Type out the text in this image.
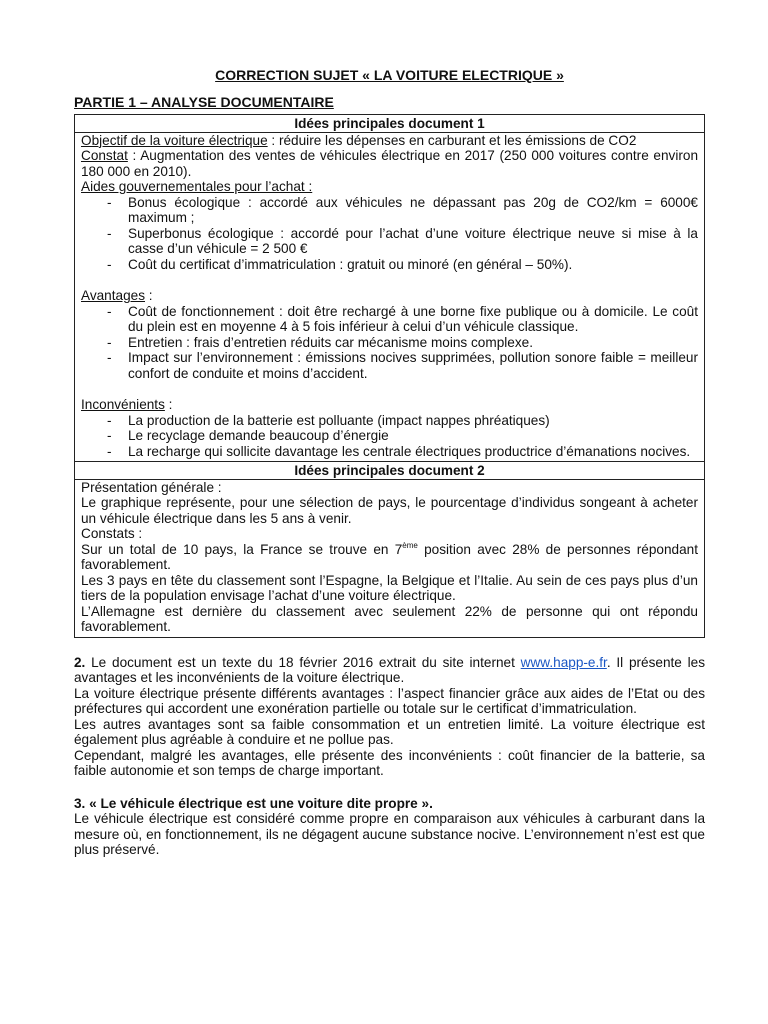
CORRECTION SUJET « LA VOITURE ELECTRIQUE »
PARTIE 1 – ANALYSE DOCUMENTAIRE
Idées principales document 1

Objectif de la voiture électrique : réduire les dépenses en carburant et les émissions de CO2
Constat : Augmentation des ventes de véhicules électrique en 2017 (250 000 voitures contre environ 180 000 en 2010).
Aides gouvernementales pour l’achat :
- Bonus écologique : accordé aux véhicules ne dépassant pas 20g de CO2/km = 6000€ maximum ;
- Superbonus écologique : accordé pour l’achat d’une voiture électrique neuve si mise à la casse d’un véhicule = 2 500 €
- Coût du certificat d’immatriculation : gratuit ou minoré (en général – 50%).
Avantages :
- Coût de fonctionnement : doit être rechargé à une borne fixe publique ou à domicile. Le coût du plein est en moyenne 4 à 5 fois inférieur à celui d’un véhicule classique.
- Entretien : frais d’entretien réduits car mécanisme moins complexe.
- Impact sur l’environnement : émissions nocives supprimées, pollution sonore faible = meilleur confort de conduite et moins d’accident.
Inconvénients :
- La production de la batterie est polluante (impact nappes phréatiques)
- Le recyclage demande beaucoup d’énergie
- La recharge qui sollicite davantage les centrale électriques productrice d’émanations nocives.

Idées principales document 2

Présentation générale :
Le graphique représente, pour une sélection de pays, le pourcentage d’individus songeant à acheter un véhicule électrique dans les 5 ans à venir.
Constats :
Sur un total de 10 pays, la France se trouve en 7ème position avec 28% de personnes répondant favorablement.
Les 3 pays en tête du classement sont l’Espagne, la Belgique et l’Italie. Au sein de ces pays plus d’un tiers de la population envisage l’achat d’une voiture électrique.
L’Allemagne est dernière du classement avec seulement 22% de personne qui ont répondu favorablement.

2. Le document est un texte du 18 février 2016 extrait du site internet www.happ-e.fr. Il présente les avantages et les inconvénients de la voiture électrique.

La voiture électrique présente différents avantages : l’aspect financier grâce aux aides de l’Etat ou des préfectures qui accordent une exonération partielle ou totale sur le certificat d’immatriculation.

Les autres avantages sont sa faible consommation et un entretien limité. La voiture électrique est également plus agréable à conduire et ne pollue pas.

Cependant, malgré les avantages, elle présente des inconvénients : coût financier de la batterie, sa faible autonomie et son temps de charge important.

3. « Le véhicule électrique est une voiture dite propre ».

Le véhicule électrique est considéré comme propre en comparaison aux véhicules à carburant dans la mesure où, en fonctionnement, ils ne dégagent aucune substance nocive. L’environnement n’est est que plus préservé.
